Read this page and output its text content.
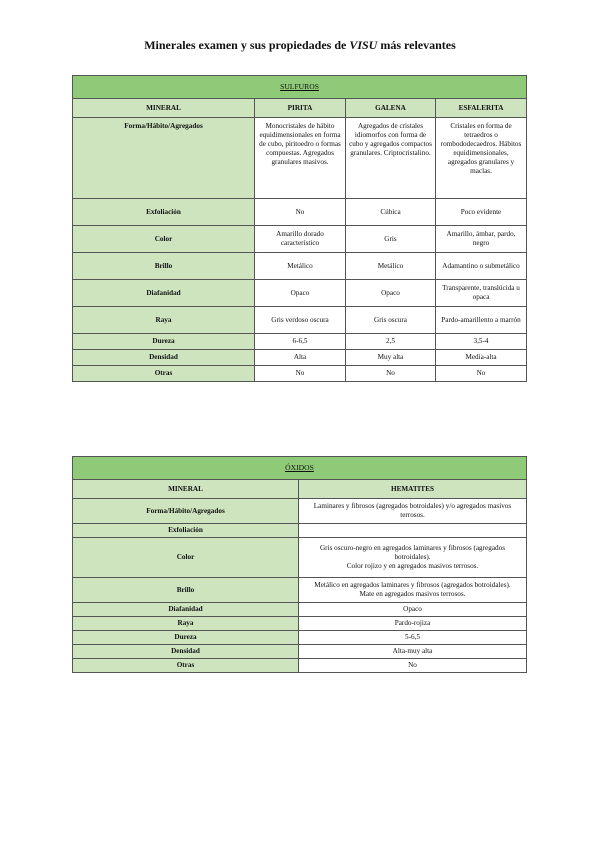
Minerales examen y sus propiedades de VISU más relevantes
SULFUROS			
MINERAL	PIRITA	GALENA	ESFALERITA
Forma/Hábito/Agregados	Monocristales de hábito equidimensionales en forma de cubo, piritoedro o formas compuestas. Agregados granulares masivos.	Agregados de cristales idiomorfos con forma de cubo y agregados compactos granulares. Criptocristalino.	Cristales en forma de tetraedros o rombododecaedros. Hábitos equidimensionales, agregados granulares y maclas.
Exfoliación	No	Cúbica	Poco evidente
Color	Amarillo dorado característico	Gris	Amarillo, ámbar, pardo, negro
Brillo	Metálico	Metálico	Adamantino o submetálico
Diafanidad	Opaco	Opaco	Transparente, translúcida u opaca
Raya	Gris verdoso oscura	Gris oscura	Pardo-amarillento a marrón
Dureza	6-6,5	2,5	3,5-4
Densidad	Alta	Muy alta	Media-alta
Otras	No	No	No
ÓXIDOS	
MINERAL	HEMATITES
Forma/Hábito/Agregados	Laminares y fibrosos (agregados botroidales) y/o agregados masivos terrosos.
Exfoliación	
Color	Gris oscuro-negro en agregados laminares y fibrosos (agregados botroidales).
Color rojizo y en agregados masivos terrosos.

Brillo	Metálico en agregados laminares y fibrosos (agregados botroidales).
Mate en agregados masivos terrosos.

Diafanidad	Opaco
Raya	Pardo-rojiza
Dureza	5-6,5
Densidad	Alta-muy alta
Otras	No
